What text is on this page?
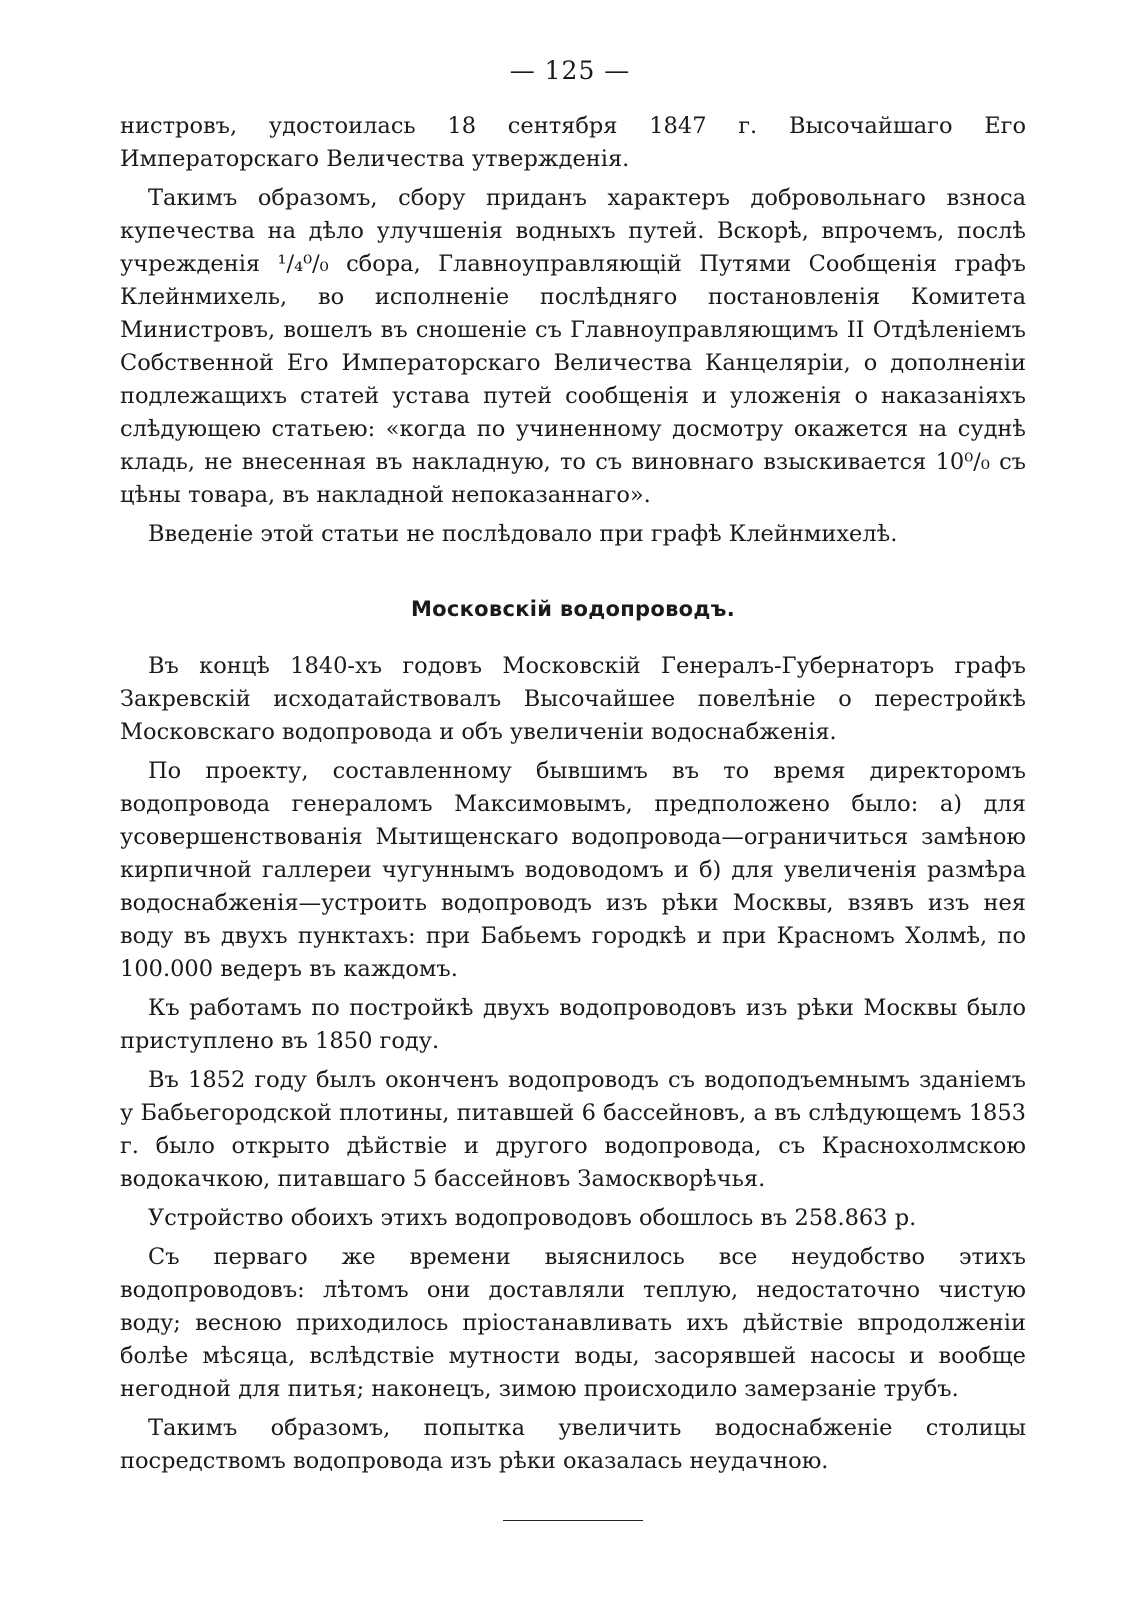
— 125 —

нистровъ, удостоилась 18 сентября 1847 г. Высочайшаго Его Императорскаго Величества утвержденія.

Такимъ образомъ, сбору приданъ характеръ добровольнаго взноса купечества на дѣло улучшенія водныхъ путей. Вскорѣ, впрочемъ, послѣ учрежденія ¹/₄⁰/₀ сбора, Главноуправляющій Путями Сообщенія графъ Клейнмихель, во исполненіе послѣдняго постановленія Комитета Министровъ, вошелъ въ сношеніе съ Главноуправляющимъ II Отдѣленіемъ Собственной Его Императорскаго Величества Канцеляріи, о дополненіи подлежащихъ статей устава путей сообщенія и уложенія о наказаніяхъ слѣдующею статьею: «когда по учиненному досмотру окажется на суднѣ кладь, не внесенная въ накладную, то съ виновнаго взыскивается 10⁰/₀ съ цѣны товара, въ накладной непоказаннаго».

Введеніе этой статьи не послѣдовало при графѣ Клейнмихелѣ.

Московскій водопроводъ.

Въ концѣ 1840-хъ годовъ Московскій Генералъ-Губернаторъ графъ Закревскій исходатайствовалъ Высочайшее повелѣніе о перестройкѣ Московскаго водопровода и объ увеличеніи водоснабженія.

По проекту, составленному бывшимъ въ то время директоромъ водопровода генераломъ Максимовымъ, предположено было: а) для усовершенствованія Мытищенскаго водопровода—ограничиться замѣною кирпичной галлереи чугуннымъ водоводомъ и б) для увеличенія размѣра водоснабженія—устроить водопроводъ изъ рѣки Москвы, взявъ изъ нея воду въ двухъ пунктахъ: при Бабьемъ городкѣ и при Красномъ Холмѣ, по 100.000 ведеръ въ каждомъ.

Къ работамъ по постройкѣ двухъ водопроводовъ изъ рѣки Москвы было приступлено въ 1850 году.

Въ 1852 году былъ оконченъ водопроводъ съ водоподъемнымъ зданіемъ у Бабьегородской плотины, питавшей 6 бассейновъ, а въ слѣдующемъ 1853 г. было открыто дѣйствіе и другого водопровода, съ Краснохолмскою водокачкою, питавшаго 5 бассейновъ Замоскворѣчья.

Устройство обоихъ этихъ водопроводовъ обошлось въ 258.863 р.

Съ перваго же времени выяснилось все неудобство этихъ водопроводовъ: лѣтомъ они доставляли теплую, недостаточно чистую воду; весною приходилось пріостанавливать ихъ дѣйствіе впродолженіи болѣе мѣсяца, вслѣдствіе мутности воды, засорявшей насосы и вообще негодной для питья; наконецъ, зимою происходило замерзаніе трубъ.

Такимъ образомъ, попытка увеличить водоснабженіе столицы посредствомъ водопровода изъ рѣки оказалась неудачною.
